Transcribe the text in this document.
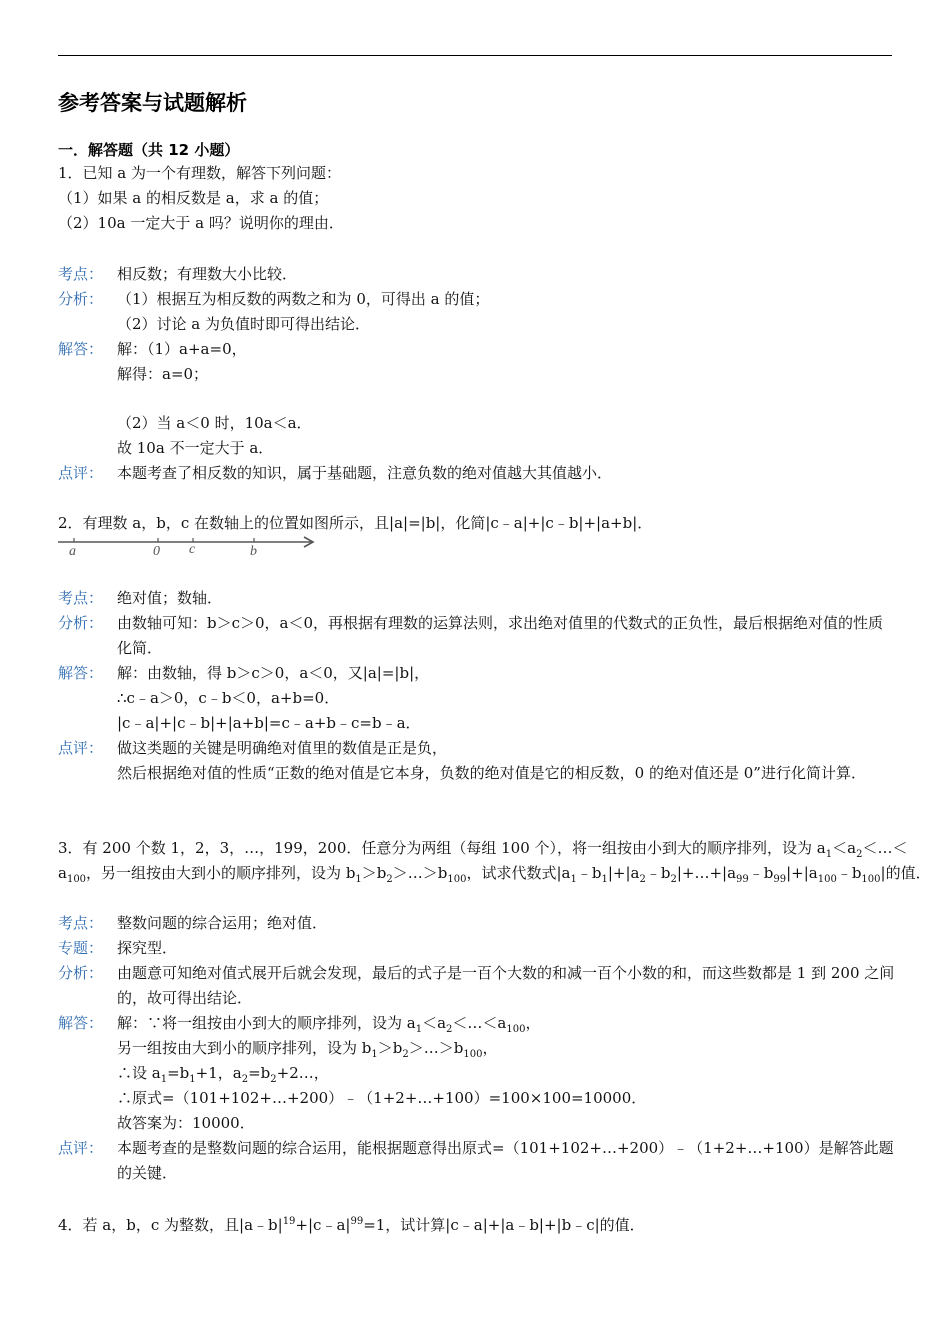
参考答案与试题解析
一．解答题（共 12 小题）
1．已知 a 为一个有理数，解答下列问题：
（1）如果 a 的相反数是 a，求 a 的值；
（2）10a 一定大于 a 吗？说明你的理由．
考点： 相反数；有理数大小比较．
分析： （1）根据互为相反数的两数之和为 0，可得出 a 的值；
（2）讨论 a 为负值时即可得出结论．
解答： 解：（1）a+a=0，
解得：a=0；
（2）当 a＜0 时，10a＜a．
故 10a 不一定大于 a．
点评： 本题考查了相反数的知识，属于基础题，注意负数的绝对值越大其值越小．
2．有理数 a，b，c 在数轴上的位置如图所示，且|a|=|b|，化简|c﹣a|+|c﹣b|+|a+b|．
a	0 c	b
考点： 绝对值；数轴．
分析： 由数轴可知：b＞c＞0，a＜0，再根据有理数的运算法则，求出绝对值里的代数式的正负性，最后根据绝对值的性质化简．
解答： 解：由数轴，得 b＞c＞0，a＜0，又|a|=|b|，
∴c﹣a＞0，c﹣b＜0，a+b=0．
|c﹣a|+|c﹣b|+|a+b|=c﹣a+b﹣c=b﹣a．
点评： 做这类题的关键是明确绝对值里的数值是正是负，
然后根据绝对值的性质“正数的绝对值是它本身，负数的绝对值是它的相反数，0 的绝对值还是 0”进行化简计算．
3．有 200 个数 1，2，3，…，199，200．任意分为两组（每组 100 个），将一组按由小到大的顺序排列，设为 $a_1<a_2<\dots<$
$a_{100}$，另一组按由大到小的顺序排列，设为 $b_1>b_2>\dots>b_{100}$，试求代数式$|a_1﹣b_1|+|a_2﹣b_2|+\dots+|a_{99}﹣b_{99}|+|a_{100}﹣b_{100}|$的值．
考点： 整数问题的综合运用；绝对值．
专题： 探究型．
分析： 由题意可知绝对值式展开后就会发现，最后的式子是一百个大数的和减一百个小数的和，而这些数都是 1 到 200 之间的，故可得出结论．
解答： 解：∵将一组按由小到大的顺序排列，设为 $a_1<a_2<\dots<a_{100}$，
另一组按由大到小的顺序排列，设为 $b_1>b_2>\dots>b_{100}$，
∴设 $a_1=b_1+1$，$a_2=b_2+2\dots$，
∴原式=（101+102+…+200）﹣（1+2+…+100）=100×100=10000．
故答案为：10000．
点评： 本题考查的是整数问题的综合运用，能根据题意得出原式=（101+102+…+200）﹣（1+2+…+100）是解答此题的关键．
4．若 a，b，c 为整数，且$|a﹣b|^{19}+|c﹣a|^{99}=1$，试计算|c﹣a|+|a﹣b|+|b﹣c|的值．
